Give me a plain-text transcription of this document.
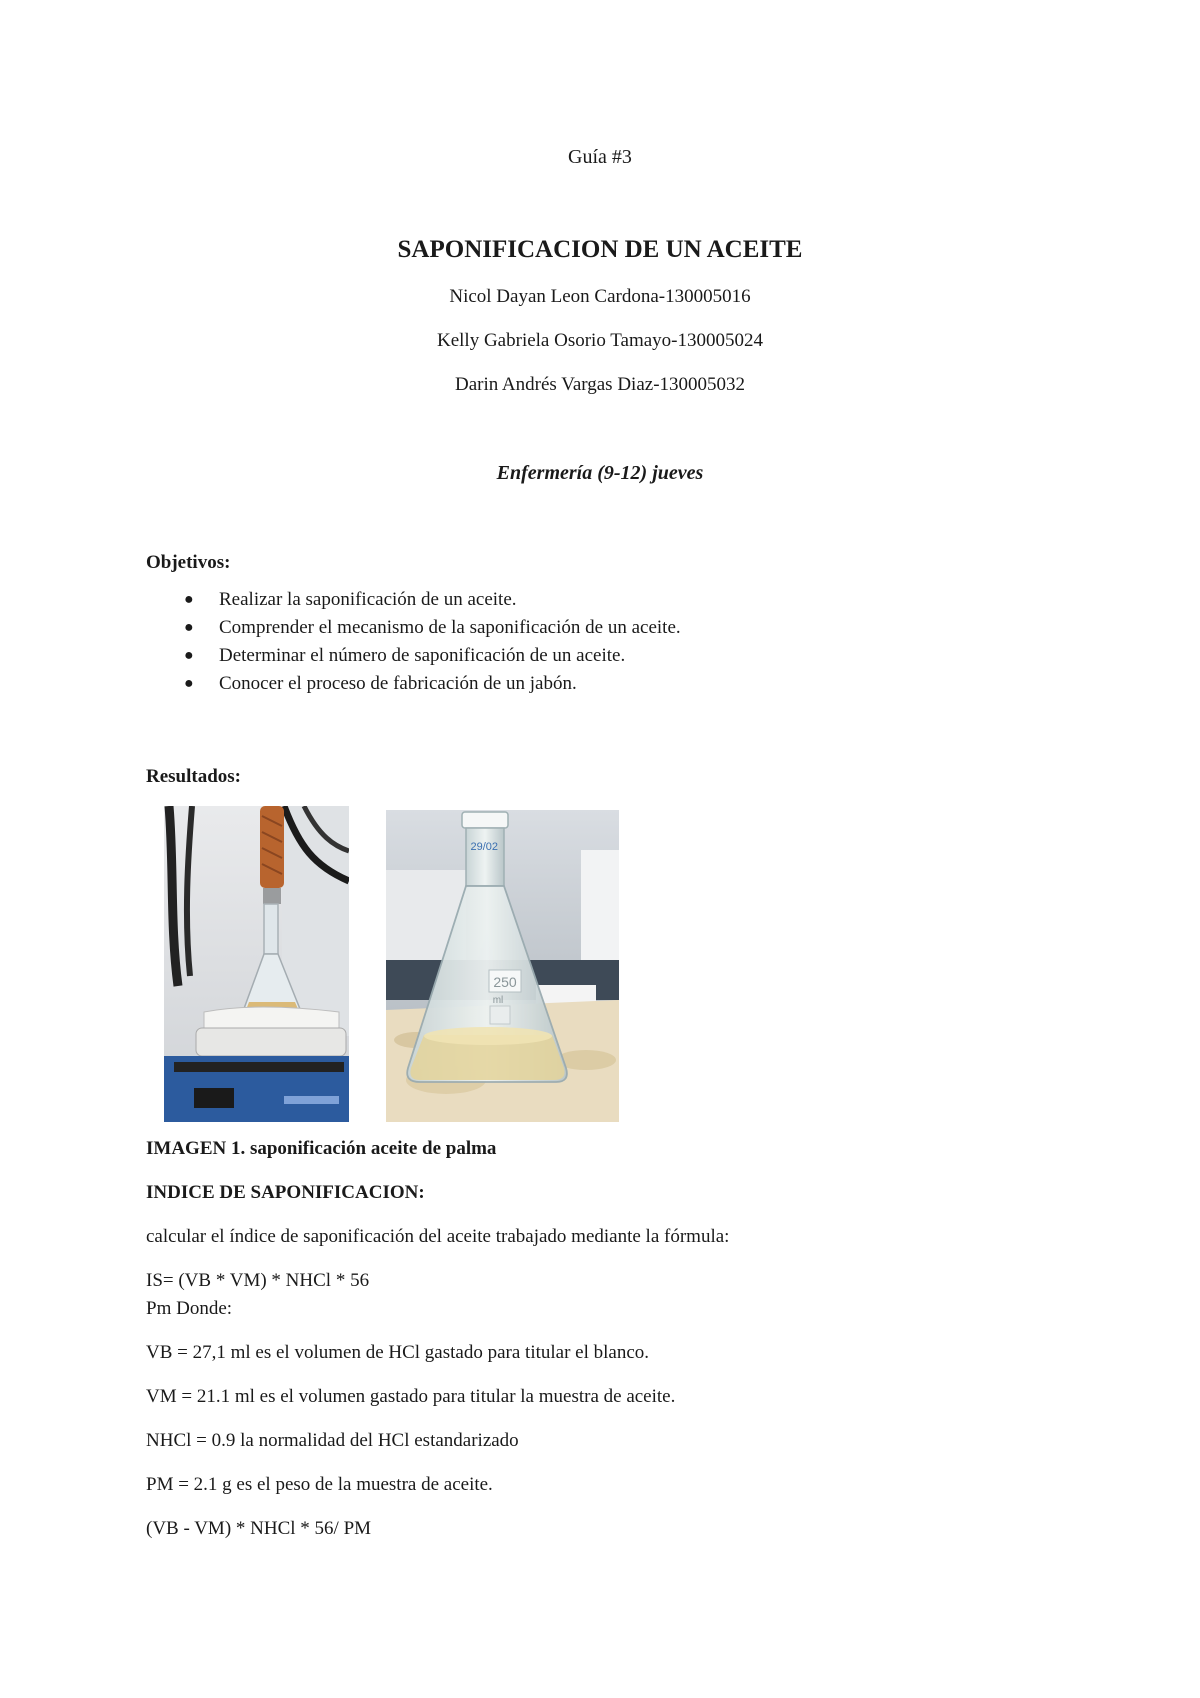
Guía #3
SAPONIFICACION DE UN ACEITE
Nicol Dayan Leon Cardona-130005016
Kelly Gabriela Osorio Tamayo-130005024
Darin Andrés Vargas Diaz-130005032
Enfermería (9-12) jueves
Objetivos:
● Realizar la saponificación de un aceite.
● Comprender el mecanismo de la saponificación de un aceite.
● Determinar el número de saponificación de un aceite.
● Conocer el proceso de fabricación de un jabón.
Resultados:
29/02
250
ml
IMAGEN 1. saponificación aceite de palma
INDICE DE SAPONIFICACION:
calcular el índice de saponificación del aceite trabajado mediante la fórmula:
IS= (VB * VM) * NHCl * 56
Pm Donde:
VB = 27,1 ml es el volumen de HCl gastado para titular el blanco.
VM = 21.1 ml es el volumen gastado para titular la muestra de aceite.
NHCl = 0.9 la normalidad del HCl estandarizado
PM = 2.1 g es el peso de la muestra de aceite.
(VB - VM) * NHCl * 56/ PM
